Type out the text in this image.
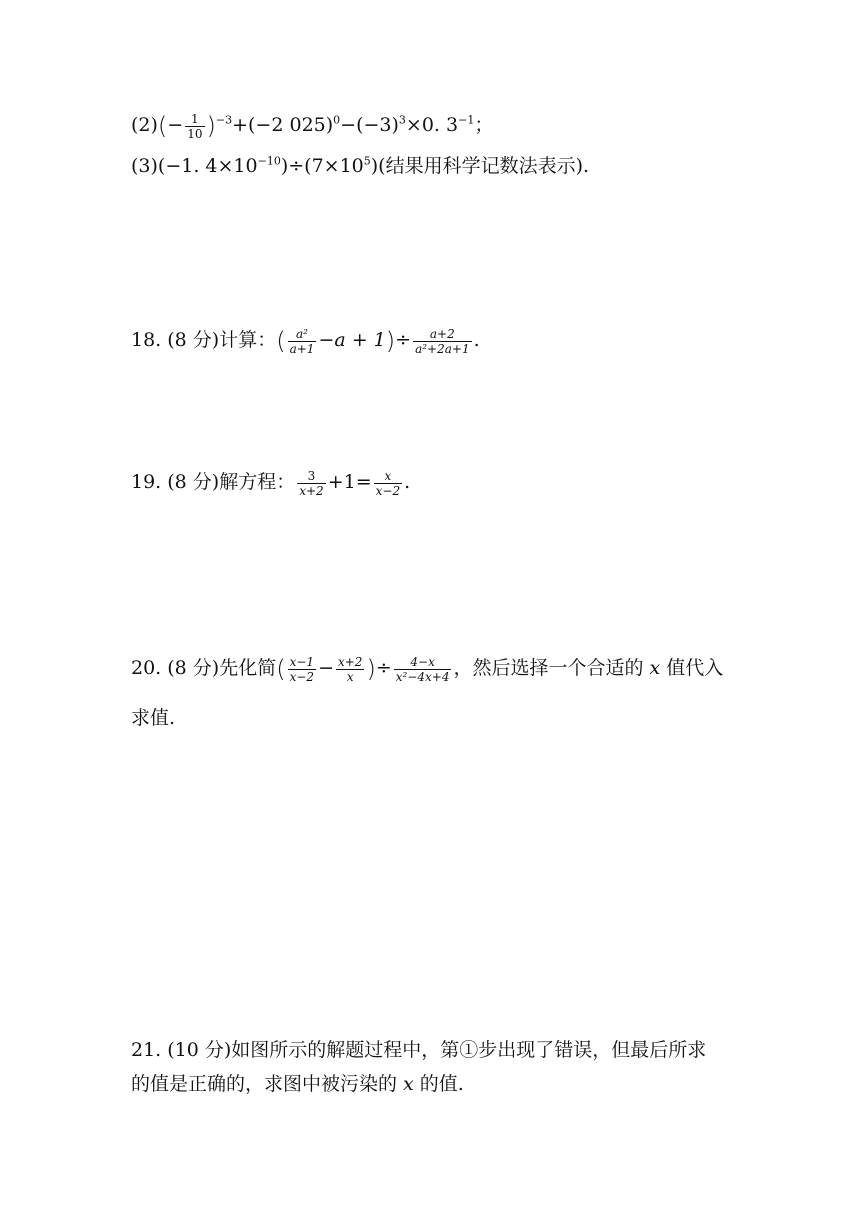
$(2)(- \frac{1}{10} )^{-3}+(-2$ $025)^0-(-3)^3\times 0$. $3^{-1}$；
(3)(−1. $4\times 10^{-10})\div(7\times 10^5)$(结果用科学记数法表示).
18. (8 分)计算：( $\frac{\text{a²}}{a+1} -a + 1)\div \frac{a+2}{\text{a²+2a+1}}$ .
19. (8 分)解方程： $\frac{3}{x+2} +1= \frac{x}{x-2}$ .
20. (8 分)先化简( $\frac{x-1}{x-2} - \frac{x+2}{x}$ )÷ $\frac{4-x}{\text{x²−4x+4}}$ ，然后选择一个合适的 x 值代入
求值.
21. (10 分)如图所示的解题过程中，第①步出现了错误，但最后所求
的值是正确的，求图中被污染的 x 的值.
